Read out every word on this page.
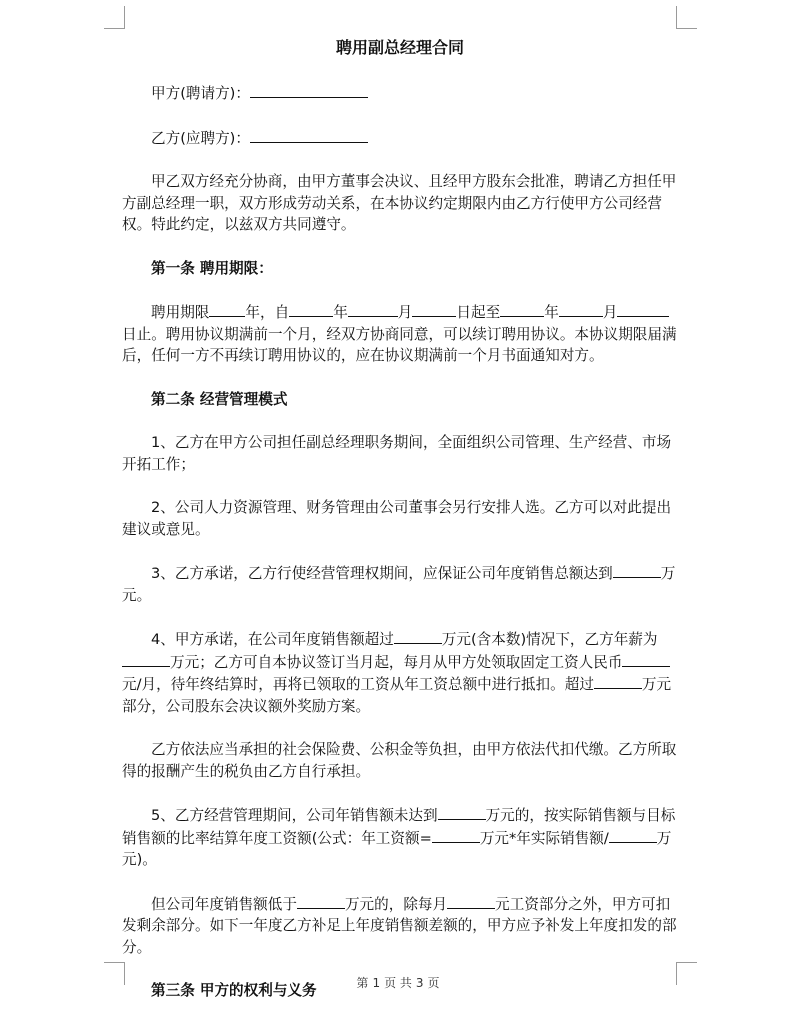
聘用副总经理合同
甲方(聘请方)：
乙方(应聘方)：
甲乙双方经充分协商，由甲方董事会决议、且经甲方股东会批准，聘请乙方担任甲方副总经理一职，双方形成劳动关系，在本协议约定期限内由乙方行使甲方公司经营权。特此约定，以兹双方共同遵守。
第一条 聘用期限：
聘用期限 年，自	年	月	日起至	年	月日止。聘用协议期满前一个月，经双方协商同意，可以续订聘用协议。本协议期限届满后，任何一方不再续订聘用协议的，应在协议期满前一个月书面通知对方。
第二条 经营管理模式
1、乙方在甲方公司担任副总经理职务期间，全面组织公司管理、生产经营、市场开拓工作；
2、公司人力资源管理、财务管理由公司董事会另行安排人选。乙方可以对此提出建议或意见。
3、乙方承诺，乙方行使经营管理权期间，应保证公司年度销售总额达到	万元。
4、甲方承诺，在公司年度销售额超过	万元(含本数)情况下，乙方年薪为万元；乙方可自本协议签订当月起，每月从甲方处领取固定工资人民币元/月，待年终结算时，再将已领取的工资从年工资总额中进行抵扣。超过	万元部分，公司股东会决议额外奖励方案。
乙方依法应当承担的社会保险费、公积金等负担，由甲方依法代扣代缴。乙方所取得的报酬产生的税负由乙方自行承担。
5、乙方经营管理期间，公司年销售额未达到	万元的，按实际销售额与目标销售额的比率结算年度工资额(公式：年工资额=	万元*年实际销售额/	万元)。
但公司年度销售额低于	万元的，除每月	元工资部分之外，甲方可扣发剩余部分。如下一年度乙方补足上年度销售额差额的，甲方应予补发上年度扣发的部分。
第三条 甲方的权利与义务	第 1 页 共 3 页
